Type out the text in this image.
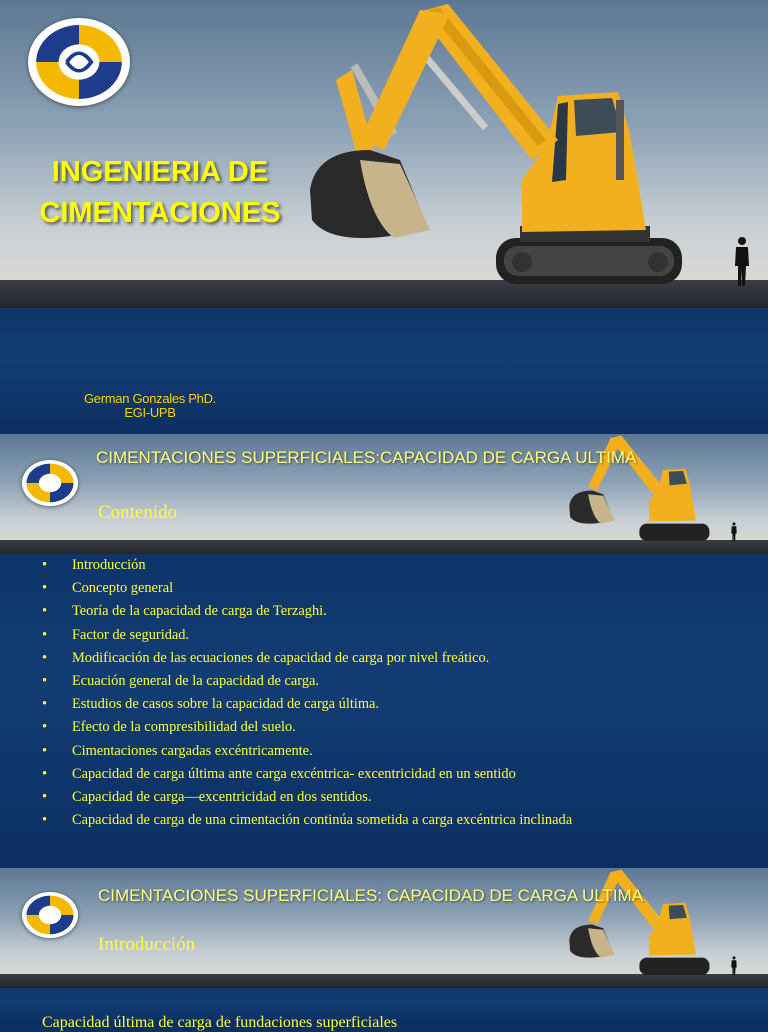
INGENIERIA DE CIMENTACIONES
German Gonzales PhD.
EGI-UPB
CIMENTACIONES SUPERFICIALES:CAPACIDAD DE CARGA ULTIMA
Contenido
• Introducción
• Concepto general
• Teoría de la capacidad de carga de Terzaghi.
• Factor de seguridad.
• Modificación de las ecuaciones de capacidad de carga por nivel freático.
• Ecuación general de la capacidad de carga.
• Estudios de casos sobre la capacidad de carga última.
• Efecto de la compresibilidad del suelo.
• Cimentaciones cargadas excéntricamente.
• Capacidad de carga última ante carga excéntrica- excentricidad en un sentido
• Capacidad de carga—excentricidad en dos sentidos.
• Capacidad de carga de una cimentación continúa sometida a carga excéntrica inclinada
CIMENTACIONES SUPERFICIALES: CAPACIDAD DE CARGA ULTIMA
Introducción
Capacidad última de carga de fundaciones superficiales
